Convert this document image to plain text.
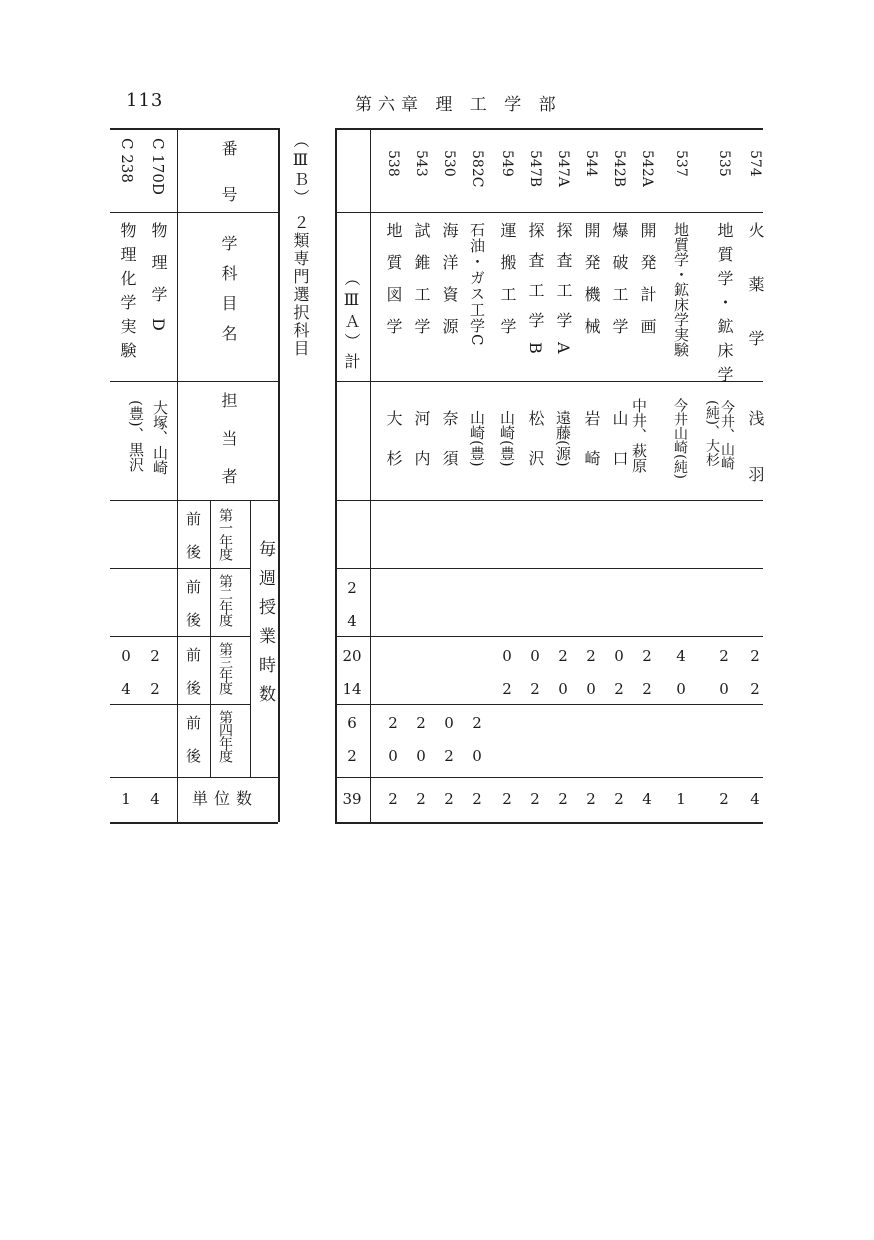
113	第六章 理 工 学 部
番号
学科目名
担当者
毎週授業時数
第一年度
第二年度
第三年度
第四年度
前
後
前
後
前
後
前
後
単位数
C 170D
物理学D
大塚、山崎
(豊)、黒沢
2
2
4
C 238
物理化学実験
0
4
1
（ⅢＢ） ２類専門選択科目 （ⅢＡ）計
2
4
20
14
6
2
39
574
火薬学
浅羽
2
2
4
535
地質学・鉱床学
今井、山崎(純)、大杉
2
0
2
537
地質学・鉱床学実験
今井山崎(純)
4
0
1
542A
開発計画
中井、萩原
2
2
4
542B
爆破工学
山口
0
2
2
544
開発機械
岩崎
2
0
2
547A
探査工学A
遠藤(源)
2
0
2
547B
探査工学B
松沢
0
2
2
549
運搬工学
山崎(豊)
0
2
2
582C
石油・ガス工学C
山崎(豊)
2
0
2
530
海洋資源
奈須
0
2
2
543
試錐工学
河内
2
0
2
538
地質図学
大杉
2
0
2
